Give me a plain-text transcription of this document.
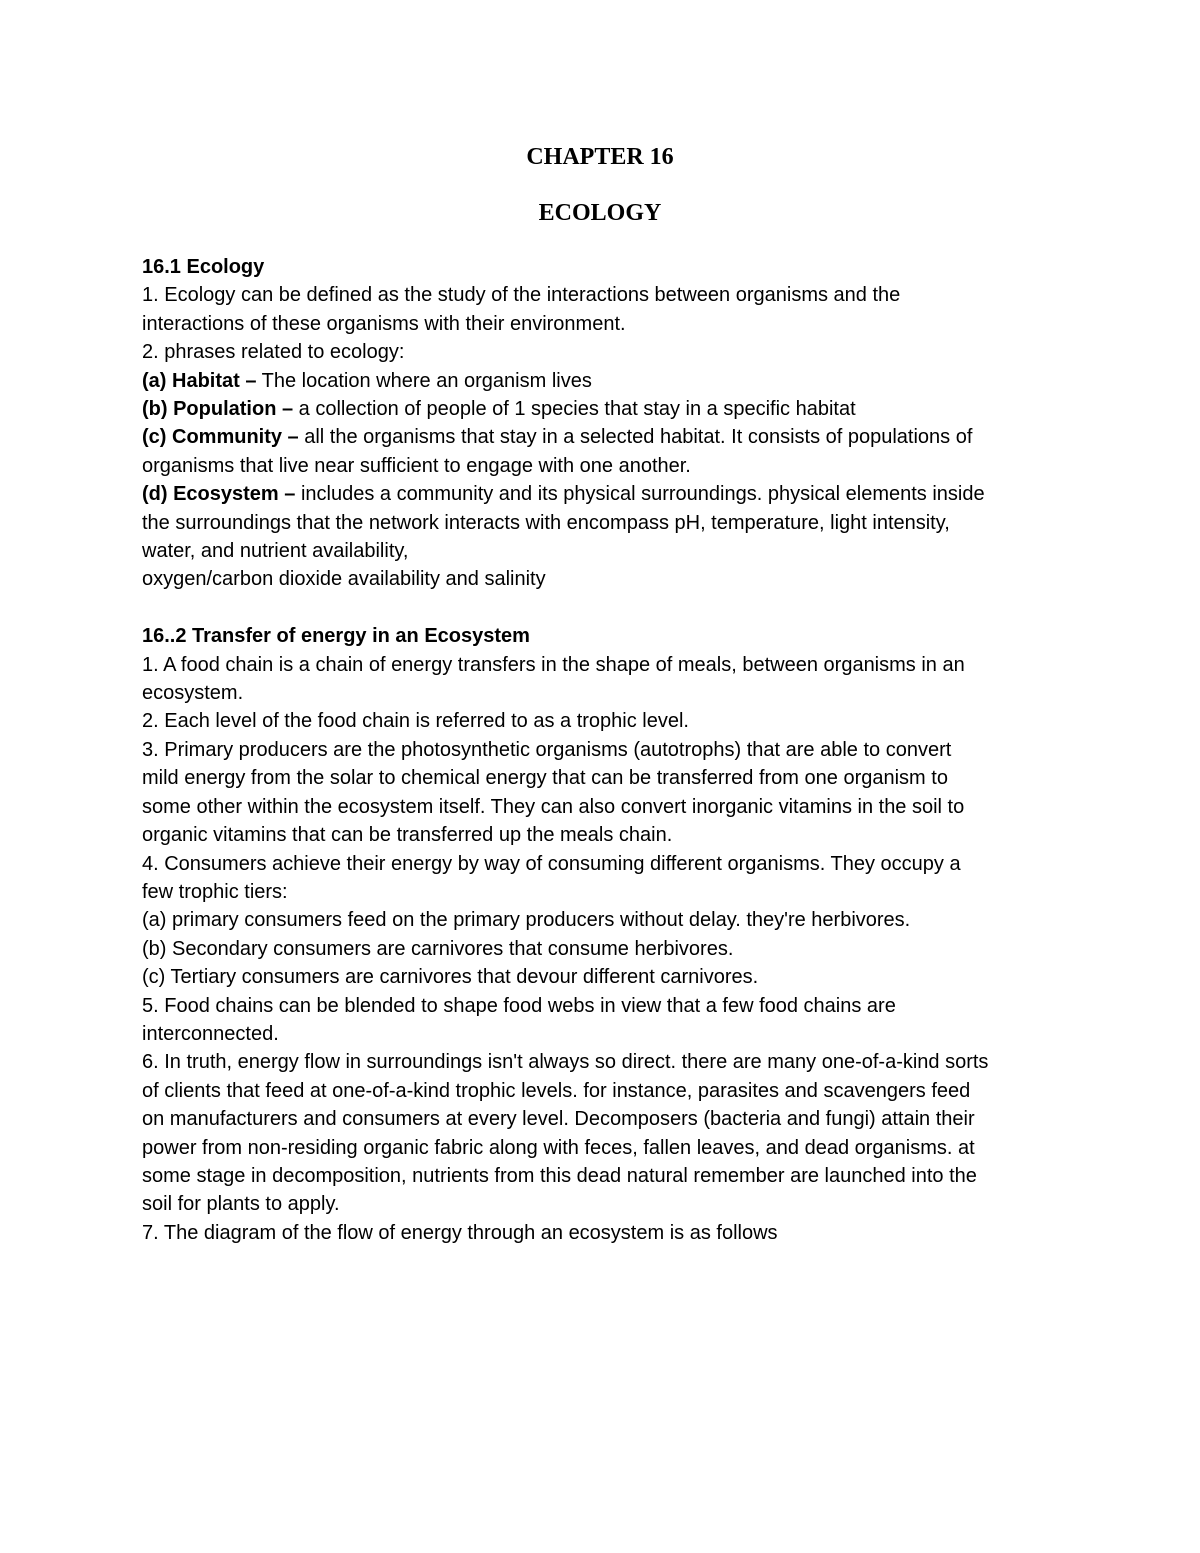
CHAPTER 16
ECOLOGY
16.1 Ecology
1. Ecology can be defined as the study of the interactions between organisms and the
interactions of these organisms with their environment.
2. phrases related to ecology:
(a) Habitat – The location where an organism lives
(b) Population – a collection of people of 1 species that stay in a specific habitat
(c) Community – all the organisms that stay in a selected habitat. It consists of populations of
organisms that live near sufficient to engage with one another.
(d) Ecosystem – includes a community and its physical surroundings. physical elements inside
the surroundings that the network interacts with encompass pH, temperature, light intensity,
water, and nutrient availability,
oxygen/carbon dioxide availability and salinity
16..2 Transfer of energy in an Ecosystem
1. A food chain is a chain of energy transfers in the shape of meals, between organisms in an
ecosystem.
2. Each level of the food chain is referred to as a trophic level.
3. Primary producers are the photosynthetic organisms (autotrophs) that are able to convert
mild energy from the solar to chemical energy that can be transferred from one organism to
some other within the ecosystem itself. They can also convert inorganic vitamins in the soil to
organic vitamins that can be transferred up the meals chain.
4. Consumers achieve their energy by way of consuming different organisms. They occupy a
few trophic tiers:
(a) primary consumers feed on the primary producers without delay. they're herbivores.
(b) Secondary consumers are carnivores that consume herbivores.
(c) Tertiary consumers are carnivores that devour different carnivores.
5. Food chains can be blended to shape food webs in view that a few food chains are
interconnected.
6. In truth, energy flow in surroundings isn't always so direct. there are many one-of-a-kind sorts
of clients that feed at one-of-a-kind trophic levels. for instance, parasites and scavengers feed
on manufacturers and consumers at every level. Decomposers (bacteria and fungi) attain their
power from non-residing organic fabric along with feces, fallen leaves, and dead organisms. at
some stage in decomposition, nutrients from this dead natural remember are launched into the
soil for plants to apply.
7. The diagram of the flow of energy through an ecosystem is as follows
